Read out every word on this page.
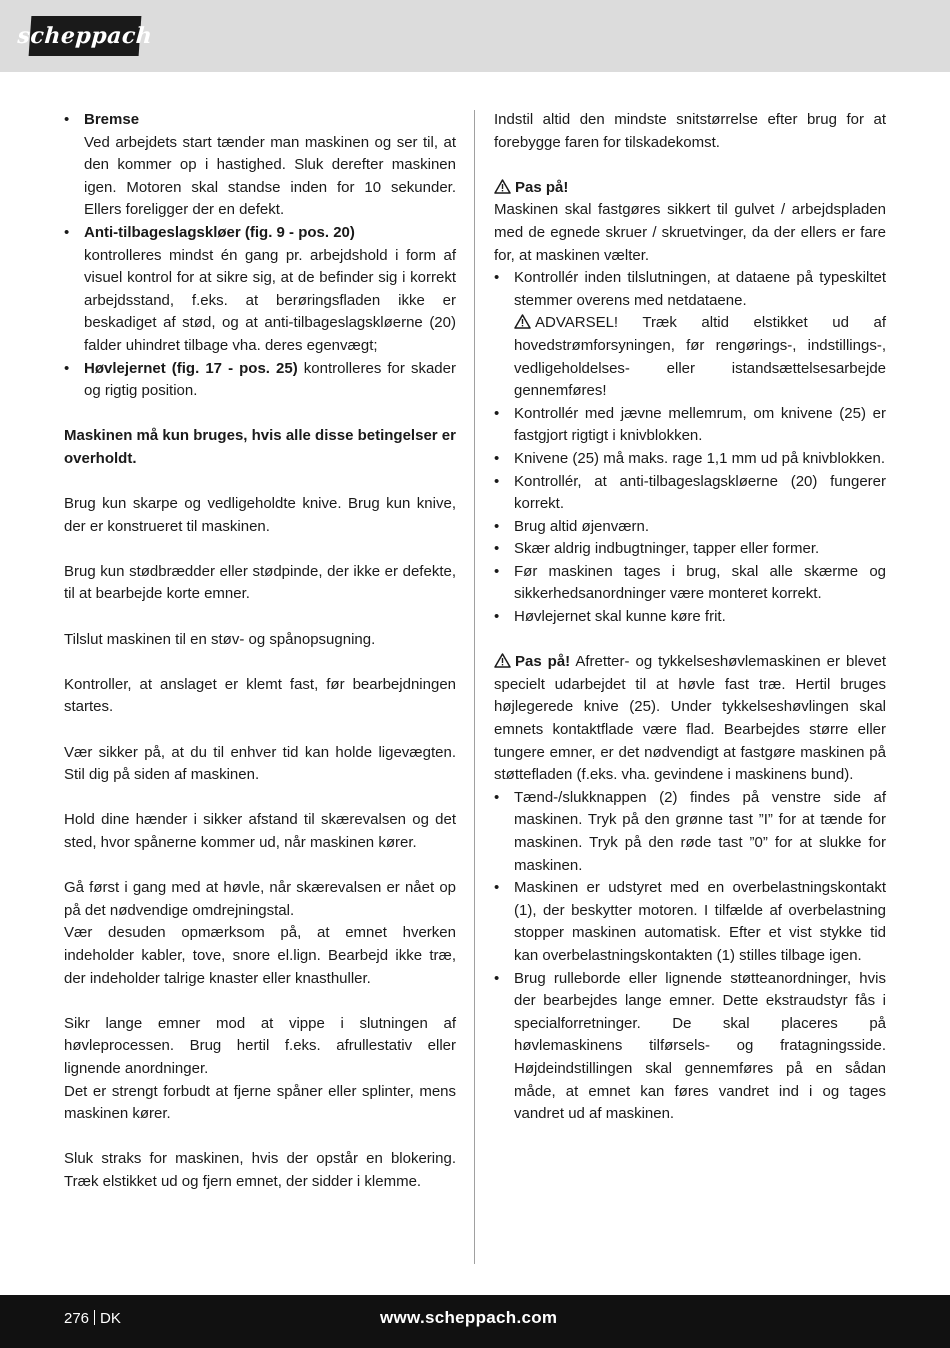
scheppach
• Bremse
Ved arbejdets start tænder man maskinen og ser til, at den kommer op i hastighed. Sluk derefter maskinen igen. Motoren skal standse inden for 10 sekunder. Ellers foreligger der en defekt.
• Anti-tilbageslagskløer (fig. 9 - pos. 20)
kontrolleres mindst én gang pr. arbejdshold i form af visuel kontrol for at sikre sig, at de befinder sig i korrekt arbejdsstand, f.eks. at berøringsfladen ikke er beskadiget af stød, og at anti-tilbageslagskløerne (20) falder uhindret tilbage vha. deres egenvægt;
• Høvlejernet (fig. 17 - pos. 25) kontrolleres for skader og rigtig position.

Maskinen må kun bruges, hvis alle disse betingelser er overholdt.

Brug kun skarpe og vedligeholdte knive. Brug kun knive, der er konstrueret til maskinen.

Brug kun stødbrædder eller stødpinde, der ikke er defekte, til at bearbejde korte emner.

Tilslut maskinen til en støv- og spånopsugning.

Kontroller, at anslaget er klemt fast, før bearbejdningen startes.

Vær sikker på, at du til enhver tid kan holde ligevægten. Stil dig på siden af maskinen.

Hold dine hænder i sikker afstand til skærevalsen og det sted, hvor spånerne kommer ud, når maskinen kører.

Gå først i gang med at høvle, når skærevalsen er nået op på det nødvendige omdrejningstal.

Vær desuden opmærksom på, at emnet hverken indeholder kabler, tove, snore el.lign. Bearbejd ikke træ, der indeholder talrige knaster eller knasthuller.

Sikr lange emner mod at vippe i slutningen af høvleprocessen. Brug hertil f.eks. afrullestativ eller lignende anordninger.

Det er strengt forbudt at fjerne spåner eller splinter, mens maskinen kører.

Sluk straks for maskinen, hvis der opstår en blokering. Træk elstikket ud og fjern emnet, der sidder i klemme.

Indstil altid den mindste snitstørrelse efter brug for at forebygge faren for tilskadekomst.

Pas på!

Maskinen skal fastgøres sikkert til gulvet / arbejdspladen med de egnede skruer / skruetvinger, da der ellers er fare for, at maskinen vælter.

• Kontrollér inden tilslutningen, at dataene på typeskiltet stemmer overens med netdataene.
ADVARSEL! Træk altid elstikket ud af hovedstrømforsyningen, før rengørings-, indstillings-, vedligeholdelses- eller istandsættelsesarbejde gennemføres!
• Kontrollér med jævne mellemrum, om knivene (25) er fastgjort rigtigt i knivblokken.
• Knivene (25) må maks. rage 1,1 mm ud på knivblokken.
• Kontrollér, at anti-tilbageslagskløerne (20) fungerer korrekt.
• Brug altid øjenværn.
• Skær aldrig indbugtninger, tapper eller former.
• Før maskinen tages i brug, skal alle skærme og sikkerhedsanordninger være monteret korrekt.
• Høvlejernet skal kunne køre frit.

Pas på! Afretter- og tykkelseshøvlemaskinen er blevet specielt udarbejdet til at høvle fast træ. Hertil bruges højlegerede knive (25). Under tykkelseshøvlingen skal emnets kontaktflade være flad. Bearbejdes større eller tungere emner, er det nødvendigt at fastgøre maskinen på støttefladen (f.eks. vha. gevindene i maskinens bund).

• Tænd-/slukknappen (2) findes på venstre side af maskinen. Tryk på den grønne tast ”I” for at tænde for maskinen. Tryk på den røde tast ”0” for at slukke for maskinen.
• Maskinen er udstyret med en overbelastningskontakt (1), der beskytter motoren. I tilfælde af overbelastning stopper maskinen automatisk. Efter et vist stykke tid kan overbelastningskontakten (1) stilles tilbage igen.
• Brug rulleborde eller lignende støtteanordninger, hvis der bearbejdes lange emner. Dette ekstraudstyr fås i specialforretninger. De skal placeres på høvlemaskinens tilførsels- og fratagningsside. Højdeindstillingen skal gennemføres på en sådan måde, at emnet kan føres vandret ind i og tages vandret ud af maskinen.
276 DK	www.scheppach.com
